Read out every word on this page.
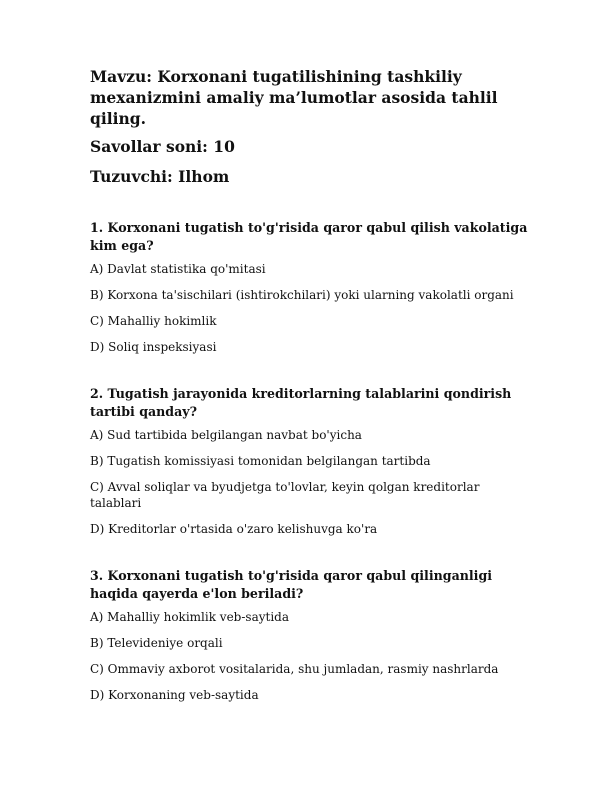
Mavzu: Korxonani tugatilishining tashkiliy mexanizmini amaliy ma’lumotlar asosida tahlil qiling.
Savollar soni: 10
Tuzuvchi: Ilhom
1. Korxonani tugatish to'g'risida qaror qabul qilish vakolatiga kim ega?
A) Davlat statistika qo'mitasi
B) Korxona ta'sischilari (ishtirokchilari) yoki ularning vakolatli organi
C) Mahalliy hokimlik
D) Soliq inspeksiyasi
2. Tugatish jarayonida kreditorlarning talablarini qondirish tartibi qanday?
A) Sud tartibida belgilangan navbat bo'yicha
B) Tugatish komissiyasi tomonidan belgilangan tartibda
C) Avval soliqlar va byudjetga to'lovlar, keyin qolgan kreditorlar talablari
D) Kreditorlar o'rtasida o'zaro kelishuvga ko'ra
3. Korxonani tugatish to'g'risida qaror qabul qilinganligi haqida qayerda e'lon beriladi?
A) Mahalliy hokimlik veb-saytida
B) Televideniye orqali
C) Ommaviy axborot vositalarida, shu jumladan, rasmiy nashrlarda
D) Korxonaning veb-saytida
